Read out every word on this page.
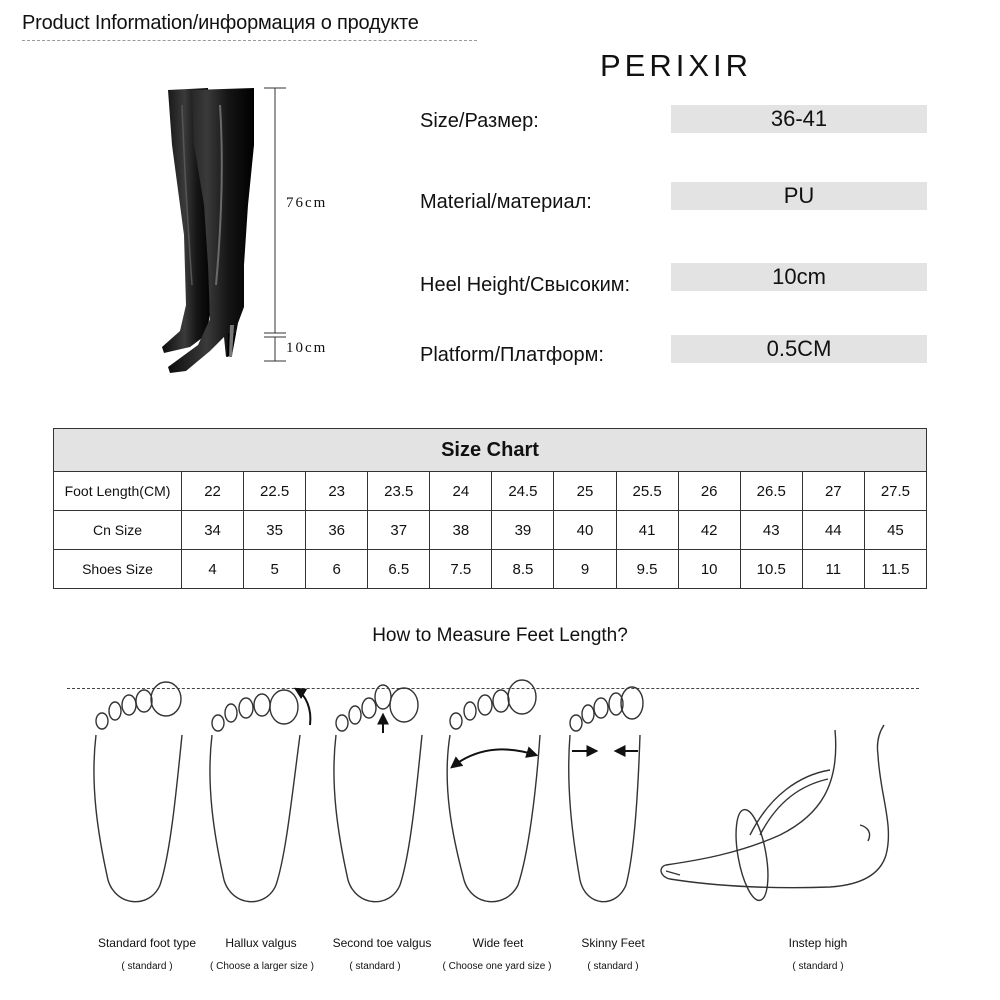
Product Information/информация о продукте
PERIXIR
76cm
10cm
Size/Размер:	36-41
Material/материал:	PU
Heel Height/Свысоким:	10cm
Platform/Платформ:	0.5CM
Size Chart												
Foot Length(CM)	22	22.5	23	23.5	24	24.5	25	25.5	26	26.5	27	27.5
Cn Size	34	35	36	37	38	39	40	41	42	43	44	45
Shoes Size	4	5	6	6.5	7.5	8.5	9	9.5	10	10.5	11	11.5
How to Measure Feet Length?
Standard foot type
( standard )
Hallux valgus
( Choose a larger size )
Second toe valgus
( standard )
Wide feet
( Choose one yard size )
Skinny Feet
( standard )
Instep high
( standard )
